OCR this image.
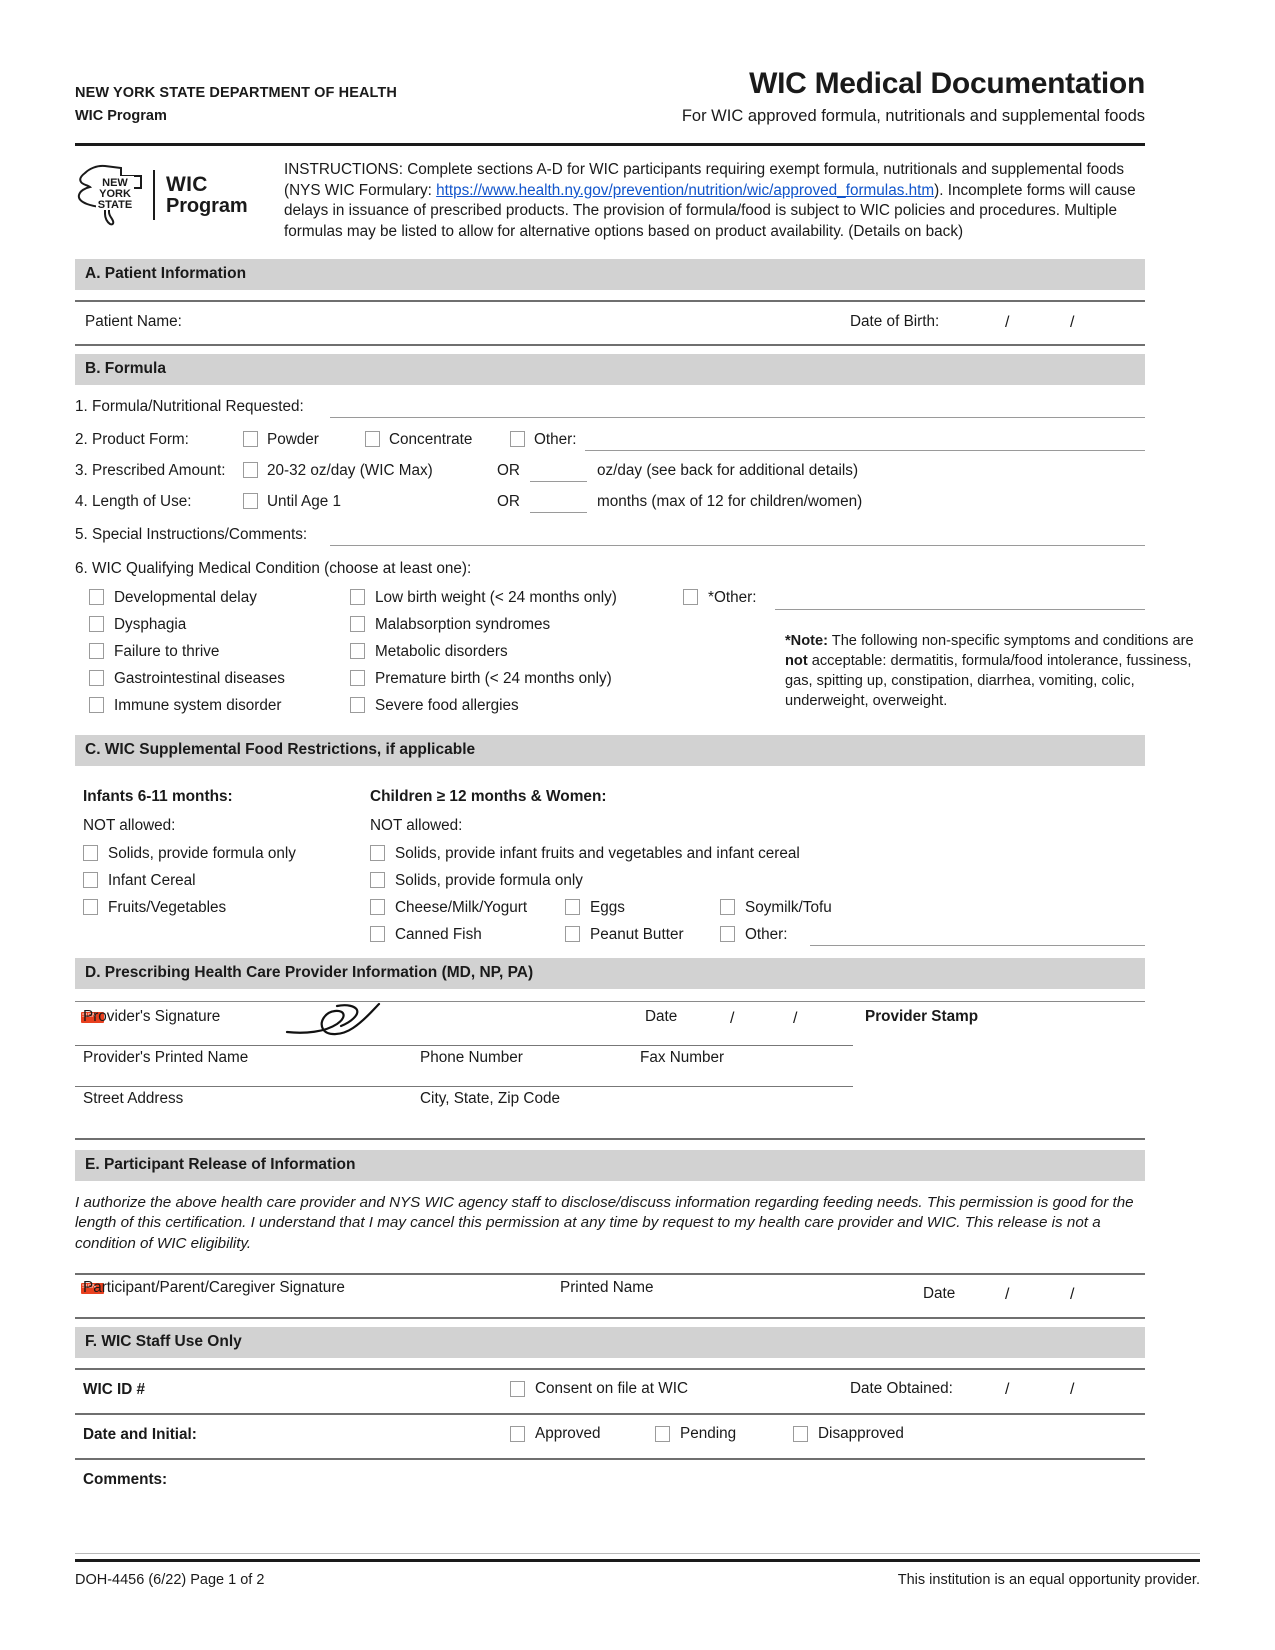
NEW YORK STATE DEPARTMENT OF HEALTH
WIC Program
WIC Medical Documentation
For WIC approved formula, nutritionals and supplemental foods
NEW
YORK
STATE
WIC
Program
INSTRUCTIONS: Complete sections A-D for WIC participants requiring exempt formula, nutritionals and supplemental foods (NYS WIC Formulary: https://www.health.ny.gov/prevention/nutrition/wic/approved_formulas.htm). Incomplete forms will cause delays in issuance of prescribed products. The provision of formula/food is subject to WIC policies and procedures. Multiple formulas may be listed to allow for alternative options based on product availability. (Details on back)
A. Patient Information
Patient Name:	Date of Birth:	/	/
B. Formula
1. Formula/Nutritional Requested:
2. Product Form:	Powder	Concentrate	Other:
3. Prescribed Amount:	20-32 oz/day (WIC Max)	OR	oz/day (see back for additional details)
4. Length of Use:	Until Age 1	OR	months (max of 12 for children/women)
5. Special Instructions/Comments:
6. WIC Qualifying Medical Condition (choose at least one):
Developmental delay
Dysphagia
Failure to thrive
Gastrointestinal diseases
Immune system disorder
Low birth weight (< 24 months only)
Malabsorption syndromes
Metabolic disorders
Premature birth (< 24 months only)
Severe food allergies
*Other:
*Note: The following non-specific symptoms and conditions are not acceptable: dermatitis, formula/food intolerance, fussiness, gas, spitting up, constipation, diarrhea, vomiting, colic, underweight, overweight.
C. WIC Supplemental Food Restrictions, if applicable
Infants 6-11 months:
NOT allowed:
Solids, provide formula only
Infant Cereal
Fruits/Vegetables
Children ≥ 12 months & Women:
NOT allowed:
Solids, provide infant fruits and vegetables and infant cereal
Solids, provide formula only
Cheese/Milk/Yogurt
Canned Fish
Eggs
Peanut Butter
Soymilk/Tofu
Other:
D. Prescribing Health Care Provider Information (MD, NP, PA)
SIGN
Provider's Signature	Date	/	/	Provider Stamp
Provider's Printed Name	Phone Number	Fax Number
Street Address	City, State, Zip Code
E. Participant Release of Information
I authorize the above health care provider and NYS WIC agency staff to disclose/discuss information regarding feeding needs. This permission is good for the length of this certification. I understand that I may cancel this permission at any time by request to my health care provider and WIC. This release is not a condition of WIC eligibility.
SIGN
Participant/Parent/Caregiver Signature	Printed Name	Date	/	/
F. WIC Staff Use Only
WIC ID #	Consent on file at WIC	Date Obtained:	/	/
Date and Initial:	Approved	Pending	Disapproved
Comments:
DOH-4456 (6/22) Page 1 of 2	This institution is an equal opportunity provider.
